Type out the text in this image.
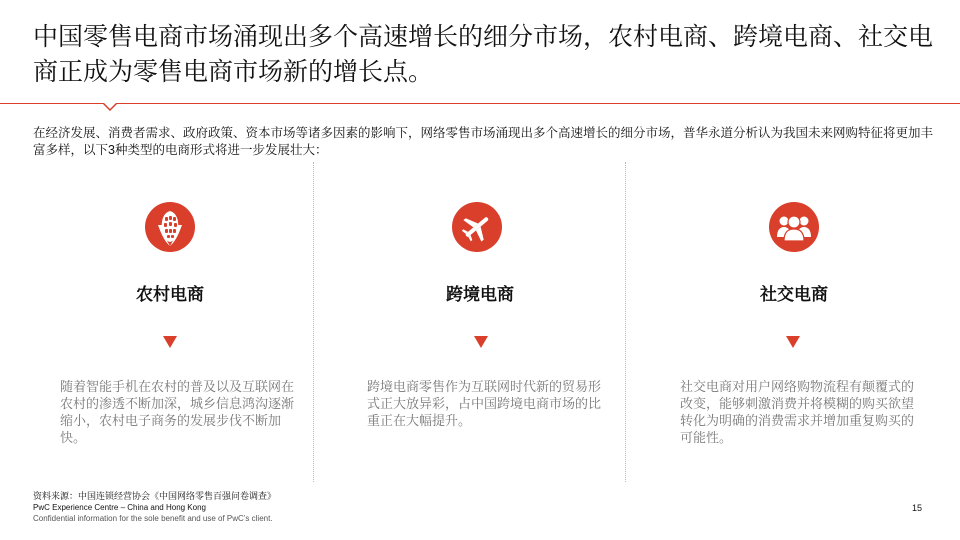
中国零售电商市场涌现出多个高速增长的细分市场，农村电商、跨境电商、社交电商正成为零售电商市场新的增长点。
在经济发展、消费者需求、政府政策、资本市场等诸多因素的影响下，网络零售市场涌现出多个高速增长的细分市场，普华永道分析认为我国未来网购特征将更加丰富多样，以下3种类型的电商形式将进一步发展壮大：
农村电商
随着智能手机在农村的普及以及互联网在农村的渗透不断加深，城乡信息鸿沟逐渐缩小，农村电子商务的发展步伐不断加快。
跨境电商
跨境电商零售作为互联网时代新的贸易形式正大放异彩，占中国跨境电商市场的比重正在大幅提升。
社交电商
社交电商对用户网络购物流程有颠覆式的改变，能够刺激消费并将模糊的购买欲望转化为明确的消费需求并增加重复购买的可能性。
资料来源：中国连锁经营协会《中国网络零售百强问卷调查》
PwC Experience Centre – China and Hong Kong
Confidential information for the sole benefit and use of PwC’s client.
15
